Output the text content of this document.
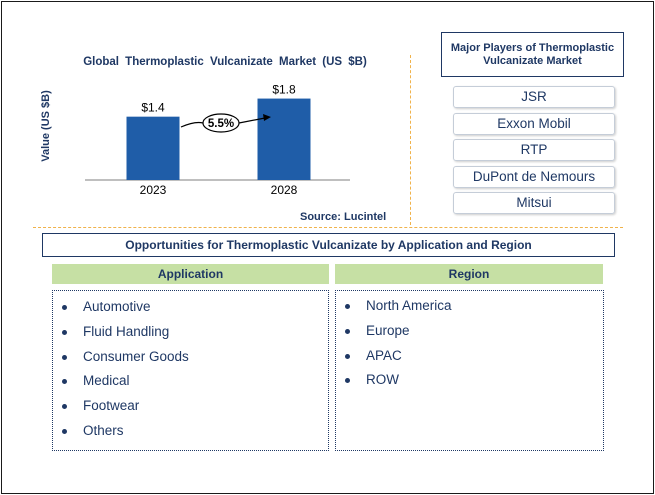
Global Thermoplastic Vulcanizate Market (US $B)
Value (US $B)	$1.4
2023
$1.8
2028
5.5%
Source: Lucintel
Major Players of Thermoplastic Vulcanizate Market
JSR
Exxon Mobil
RTP
DuPont de Nemours
Mitsui
Opportunities for Thermoplastic Vulcanizate by Application and Region
Application
Automotive
Fluid Handling
Consumer Goods
Medical
Footwear
Others
Region
North America
Europe
APAC
ROW
